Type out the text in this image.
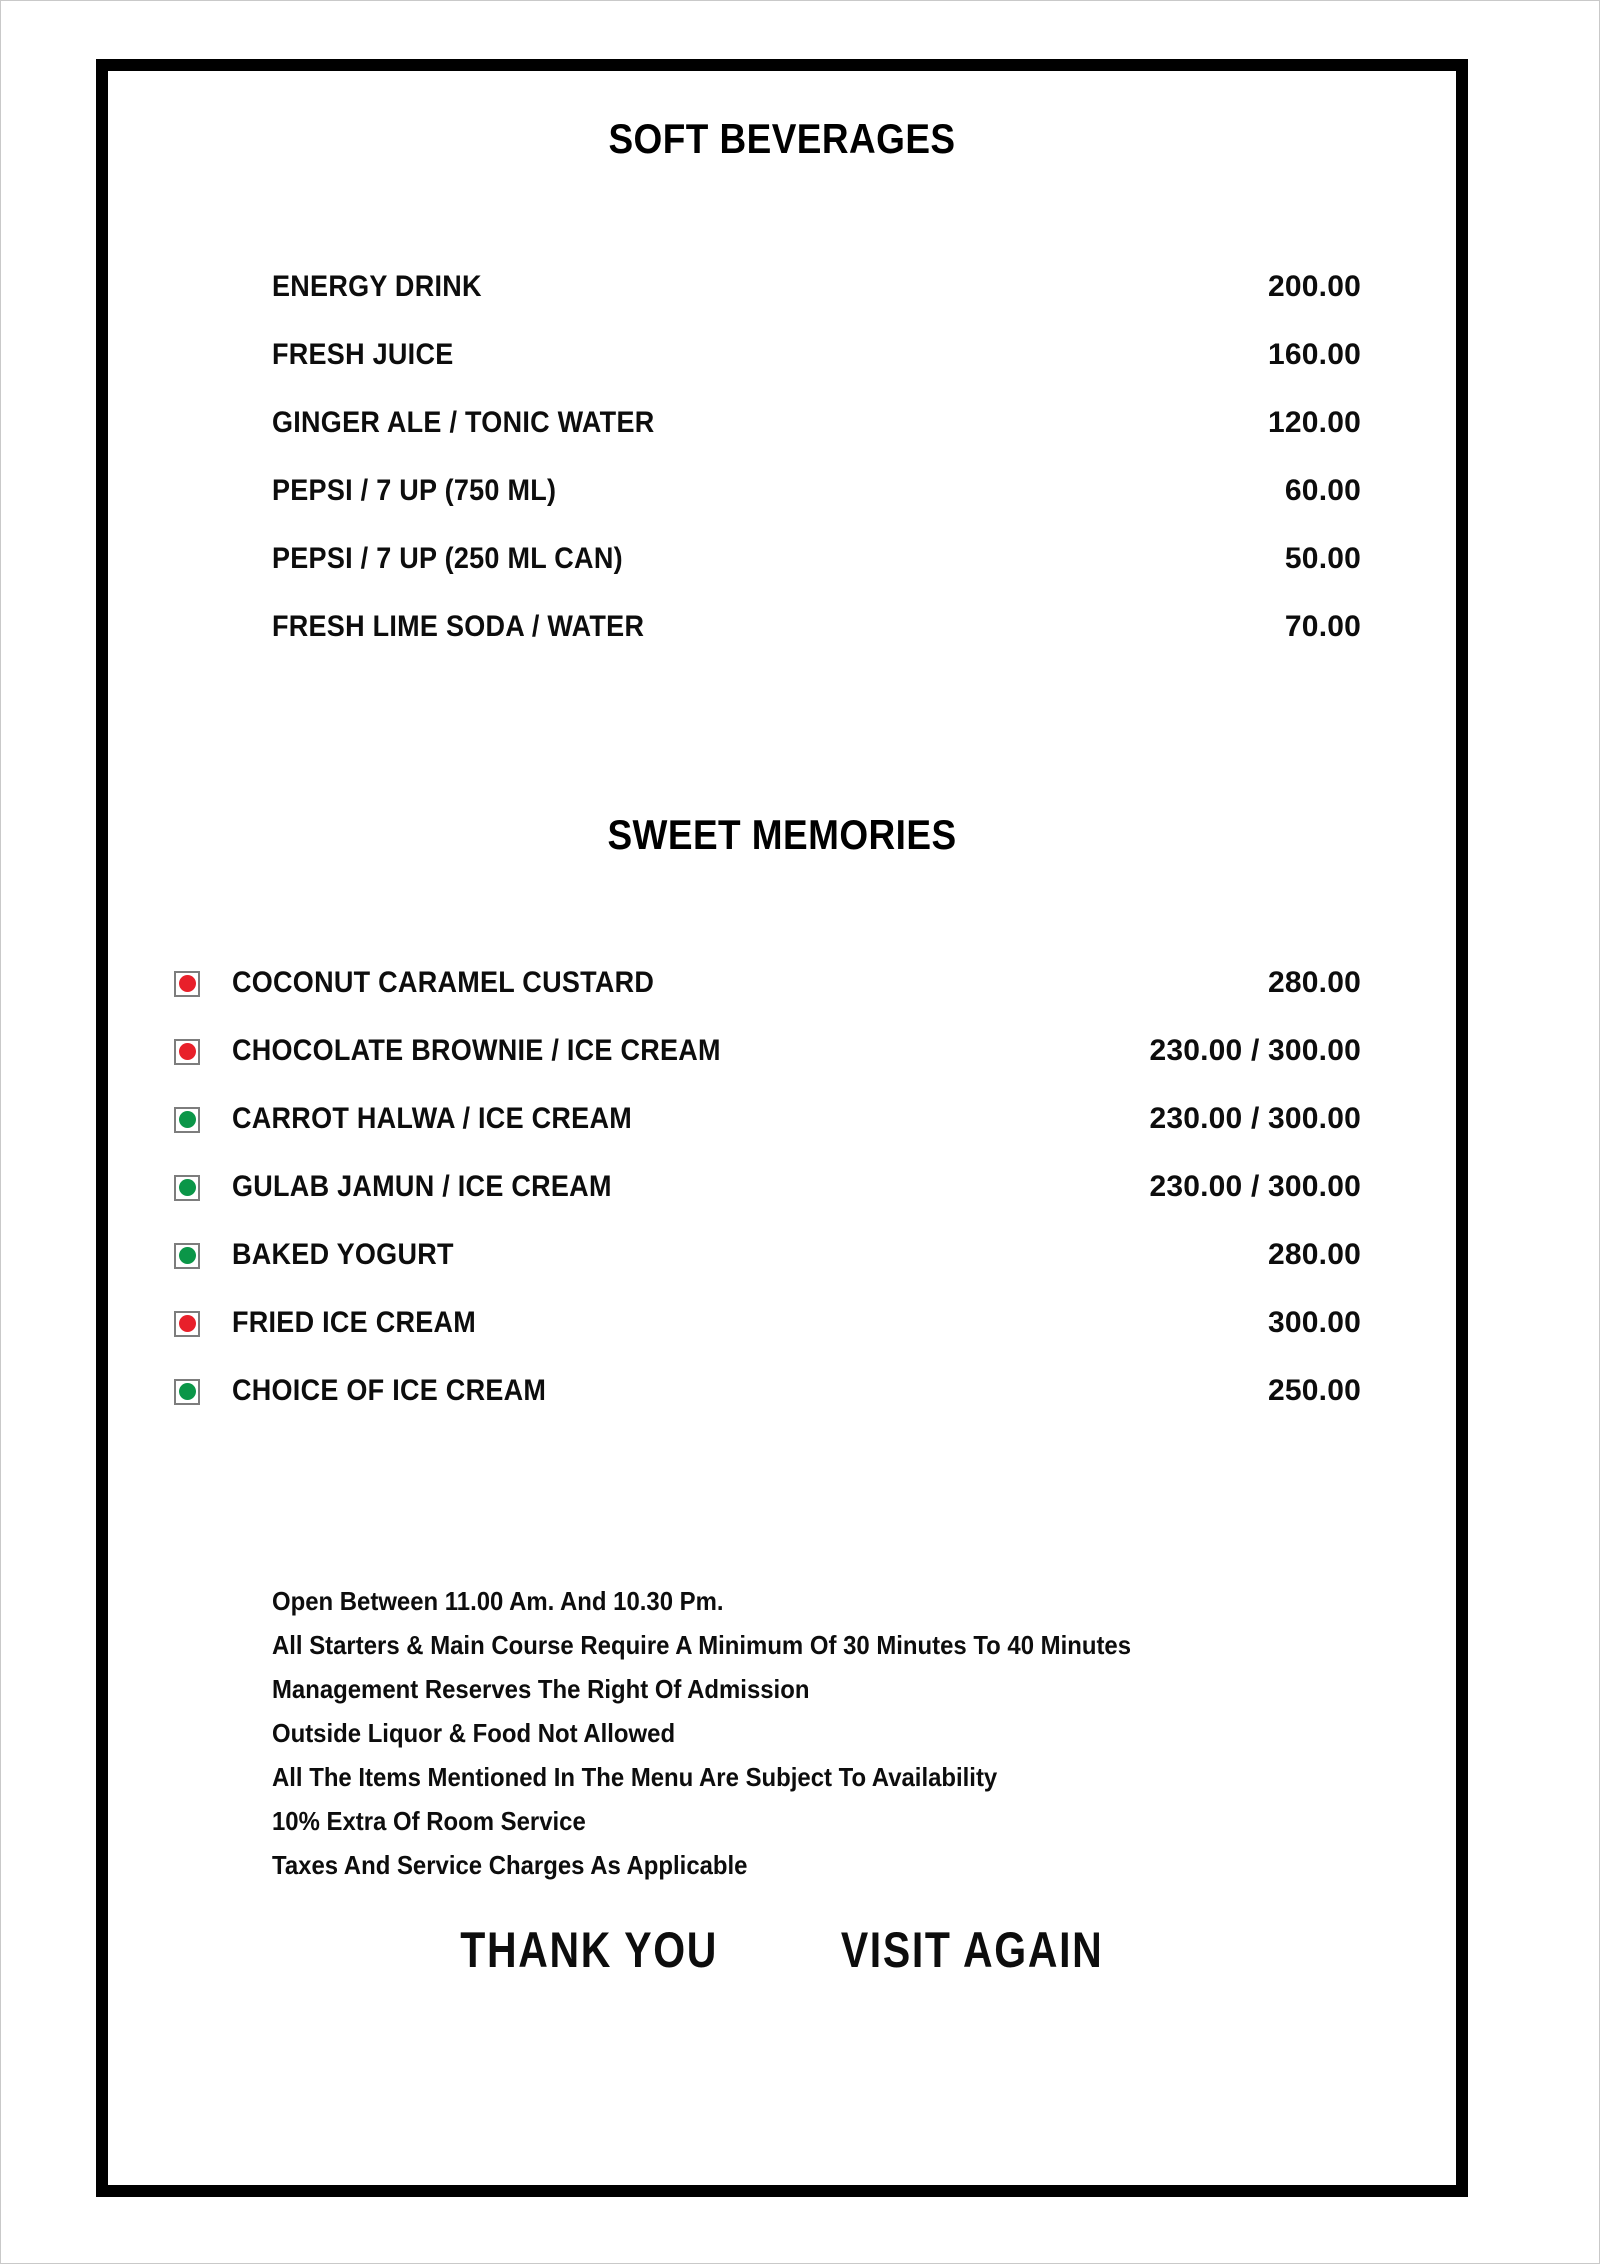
SOFT BEVERAGES
ENERGY DRINK	200.00
FRESH JUICE	160.00
GINGER ALE / TONIC WATER	120.00
PEPSI / 7 UP (750 ML)	60.00
PEPSI / 7 UP (250 ML CAN)	50.00
FRESH LIME SODA / WATER	70.00
SWEET MEMORIES
COCONUT CARAMEL CUSTARD	280.00
CHOCOLATE BROWNIE / ICE CREAM	230.00 / 300.00
CARROT HALWA / ICE CREAM	230.00 / 300.00
GULAB JAMUN / ICE CREAM	230.00 / 300.00
BAKED YOGURT	280.00
FRIED ICE CREAM	300.00
CHOICE OF ICE CREAM	250.00
Open Between 11.00 Am. And 10.30 Pm.
All Starters & Main Course Require A Minimum Of 30 Minutes To 40 Minutes
Management Reserves The Right Of Admission
Outside Liquor & Food Not Allowed
All The Items Mentioned In The Menu Are Subject To Availability
10% Extra Of Room Service
Taxes And Service Charges As Applicable
THANK YOU VISIT AGAIN
